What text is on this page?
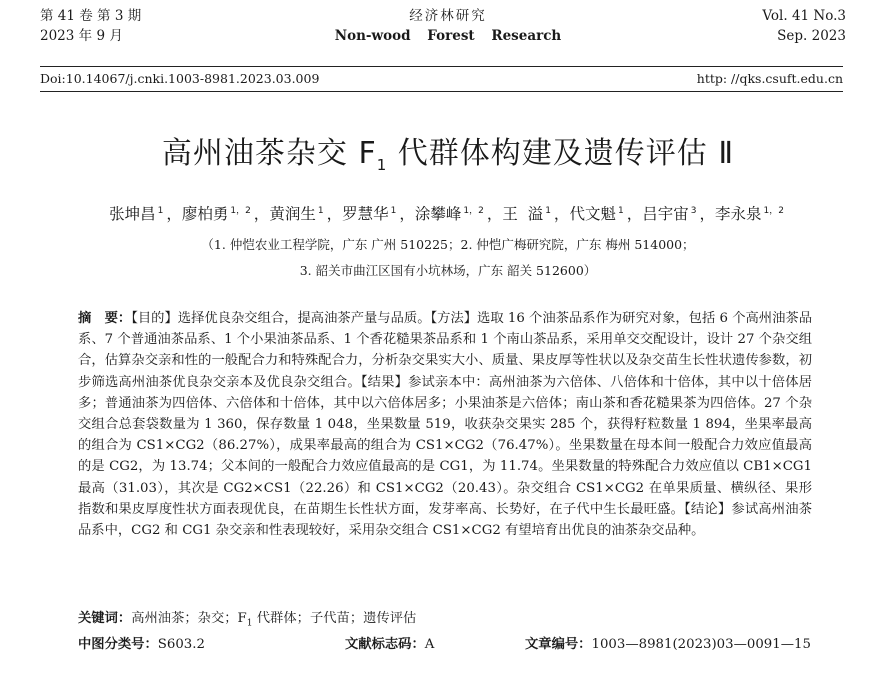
第 41 卷 第 3 期
2023 年 9 月
经济林研究
Non-wood Forest Research
Vol. 41 No.3
Sep. 2023
Doi:10.14067/j.cnki.1003-8981.2023.03.009	http: //qks.csuft.edu.cn
高州油茶杂交 $F_1$ 代群体构建及遗传评估 Ⅱ
张坤昌 $^1$ ，廖柏勇 $^{1,2}$ ，黄润生 $^1$ ，罗慧华 $^1$ ，涂攀峰 $^{1,2}$ ，王  溢 $^1$ ，代文魁 $^1$ ，吕宇宙 $^3$ ，李永泉 $^{1,2}$
（1. 仲恺农业工程学院，广东 广州 510225；2. 仲恺广梅研究院，广东 梅州 514000；
3. 韶关市曲江区国有小坑林场，广东 韶关 512600）
摘　要：【目的】选择优良杂交组合，提高油茶产量与品质。【方法】选取 16 个油茶品系作为研究对象，包括 6 个高州油茶品系、7 个普通油茶品系、1 个小果油茶品系、1 个香花糙果茶品系和 1 个南山茶品系，采用单交交配设计，设计 27 个杂交组合，估算杂交亲和性的一般配合力和特殊配合力，分析杂交果实大小、质量、果皮厚等性状以及杂交苗生长性状遗传参数，初步筛选高州油茶优良杂交亲本及优良杂交组合。【结果】参试亲本中：高州油茶为六倍体、八倍体和十倍体，其中以十倍体居多；普通油茶为四倍体、六倍体和十倍体，其中以六倍体居多；小果油茶是六倍体；南山茶和香花糙果茶为四倍体。27 个杂交组合总套袋数量为 1 360，保存数量 1 048，坐果数量 519，收获杂交果实 285 个，获得籽粒数量 1 894，坐果率最高的组合为 CS1×CG2（86.27%），成果率最高的组合为 CS1×CG2（76.47%）。坐果数量在母本间一般配合力效应值最高的是 CG2，为 13.74；父本间的一般配合力效应值最高的是 CG1，为 11.74。坐果数量的特殊配合力效应值以 CB1×CG1 最高（31.03），其次是 CG2×CS1（22.26）和 CS1×CG2（20.43）。杂交组合 CS1×CG2 在单果质量、横纵径、果形指数和果皮厚度性状方面表现优良，在苗期生长性状方面，发芽率高、长势好，在子代中生长最旺盛。【结论】参试高州油茶品系中，CG2 和 CG1 杂交亲和性表现较好，采用杂交组合 CS1×CG2 有望培育出优良的油茶杂交品种。
关键词：高州油茶；杂交；$F_1$ 代群体；子代苗；遗传评估
中图分类号：S603.2	文献标志码：A	文章编号：1003—8981(2023)03—0091—15
